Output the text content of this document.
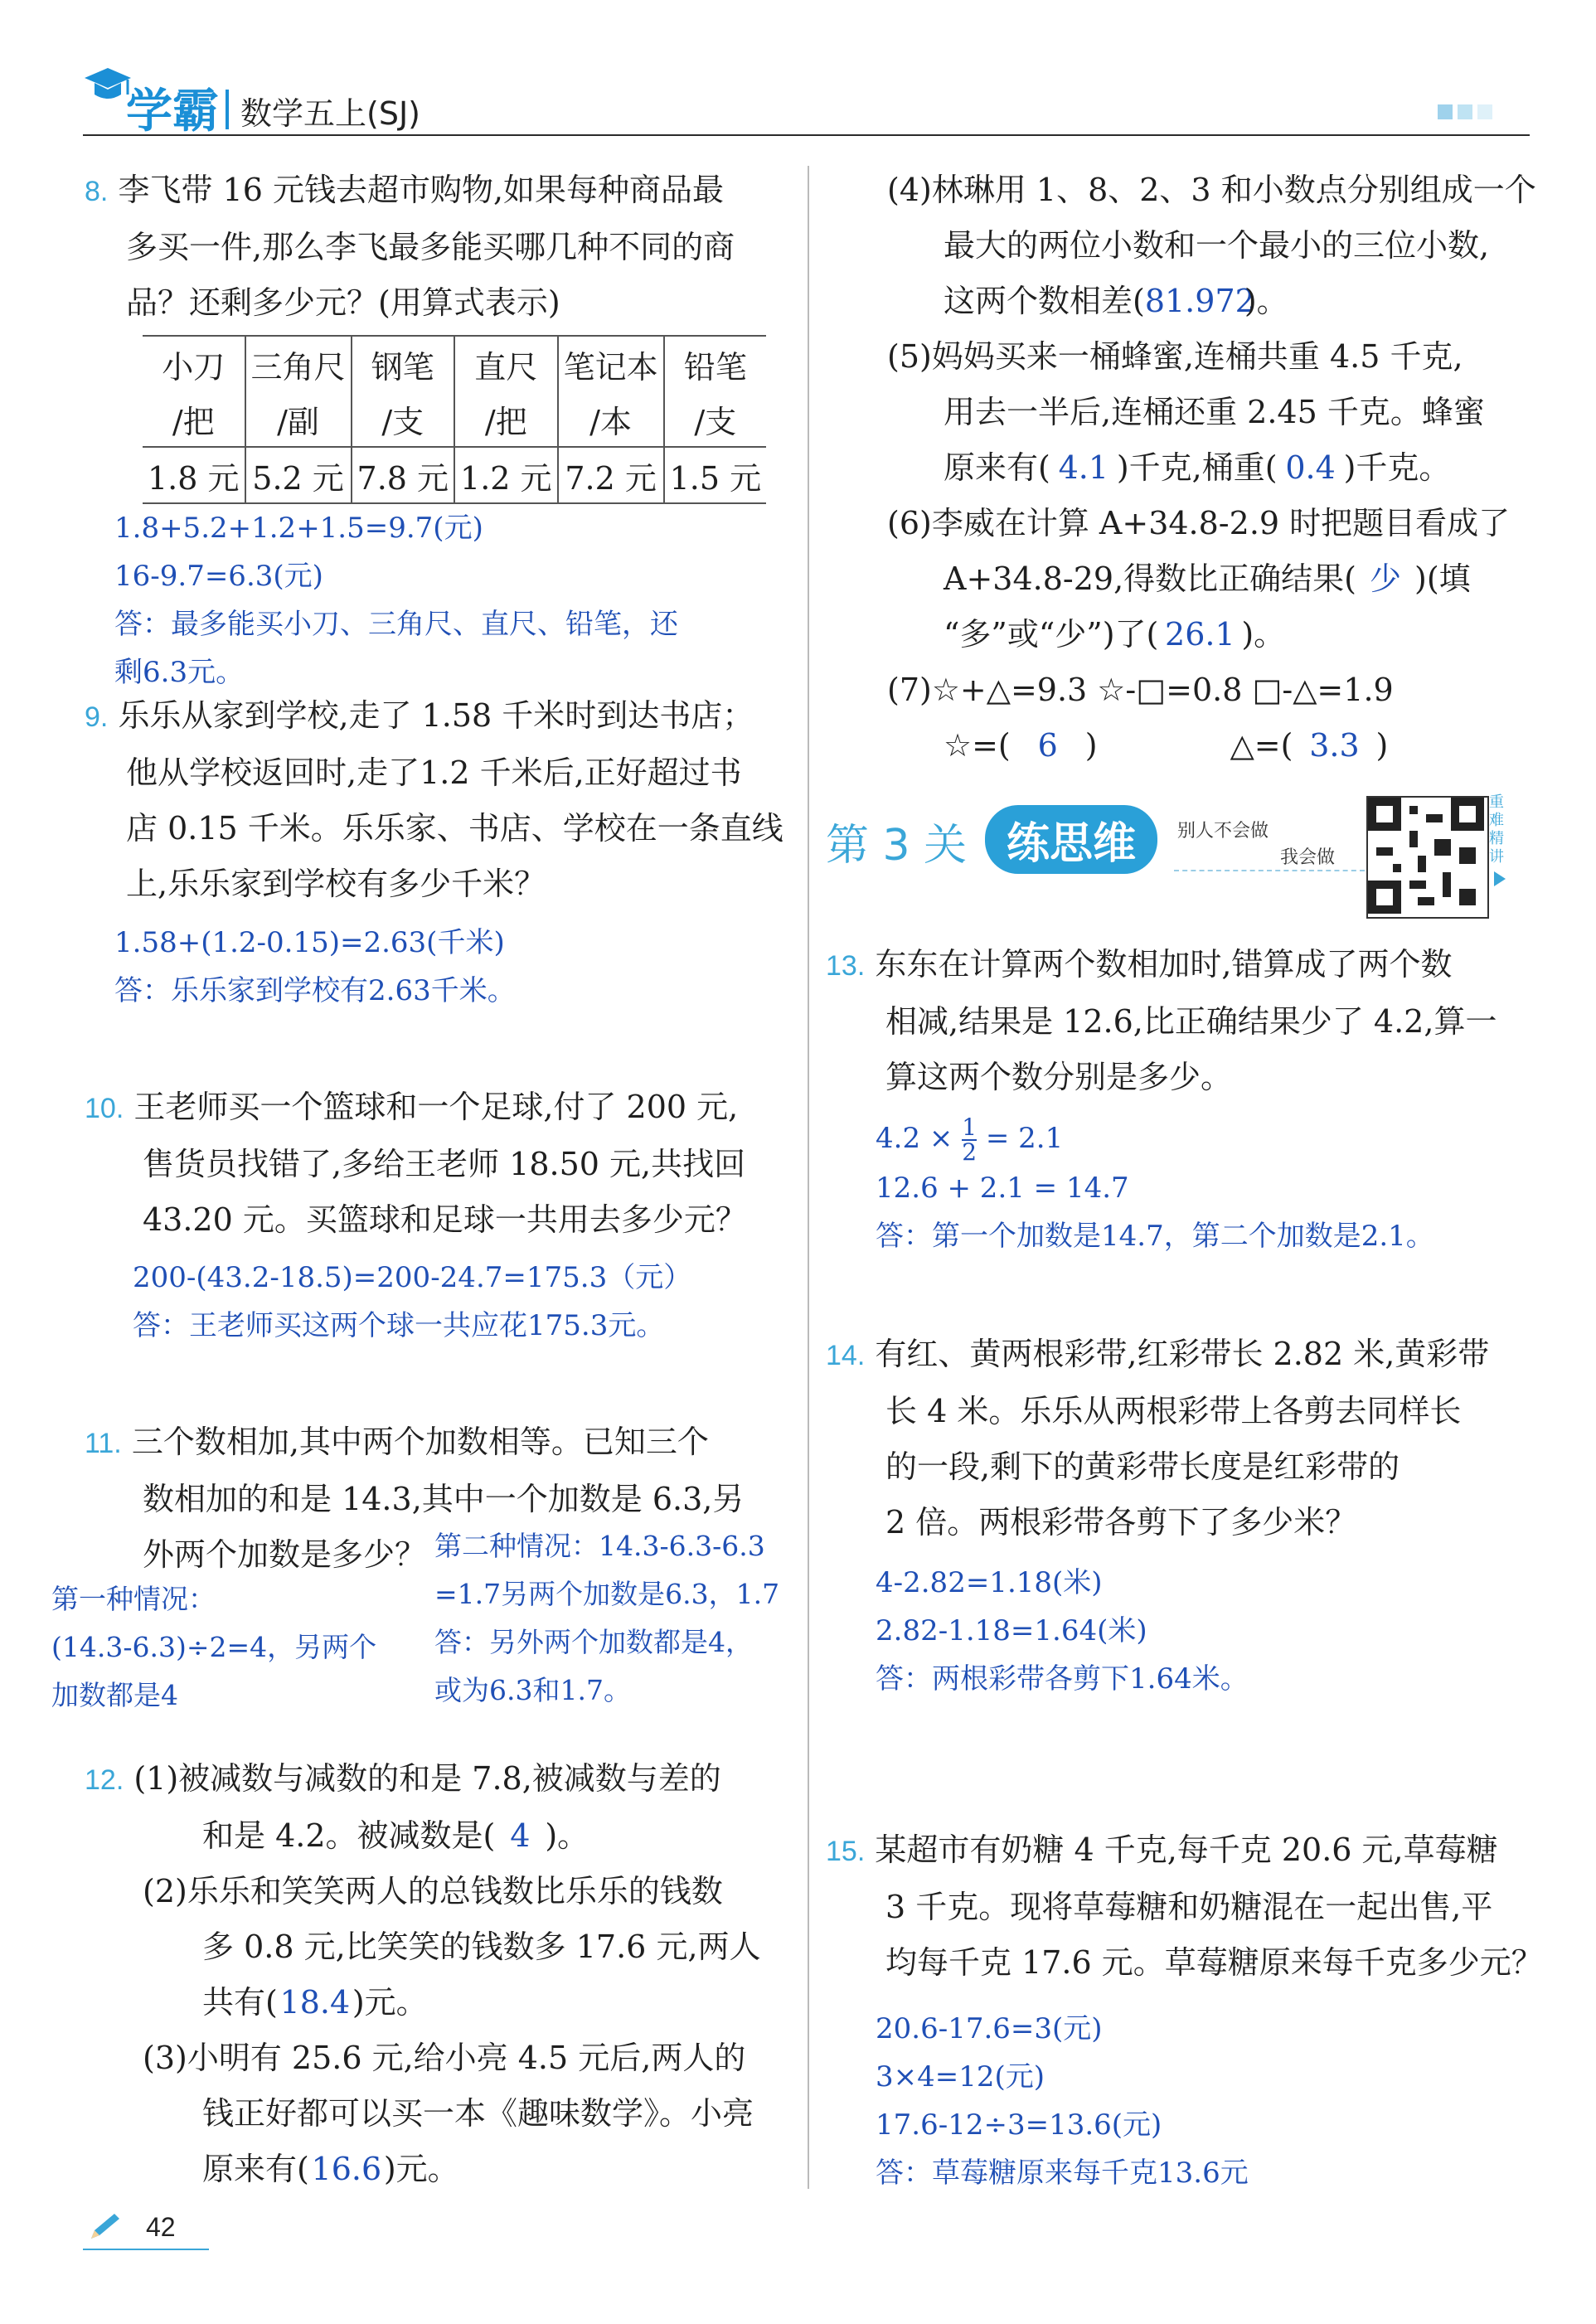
学霸 数学五上(SJ)
8. 李飞带 16 元钱去超市购物,如果每种商品最
多买一件,那么李飞最多能买哪几种不同的商
品？还剩多少元？(用算式表示)
小刀	三角尺	钢笔	直尺	笔记本	铅笔
/把	/副	/支	/把	/本	/支
1.8 元	5.2 元	7.8 元	1.2 元	7.2 元	1.5 元
1.8+5.2+1.2+1.5=9.7(元)
16-9.7=6.3(元)
答：最多能买小刀、三角尺、直尺、铅笔，还
剩6.3元。
9. 乐乐从家到学校,走了 1.58 千米时到达书店；
他从学校返回时,走了1.2 千米后,正好超过书
店 0.15 千米。乐乐家、书店、学校在一条直线
上,乐乐家到学校有多少千米？
1.58+(1.2-0.15)=2.63(千米)
答：乐乐家到学校有2.63千米。
10. 王老师买一个篮球和一个足球,付了 200 元,
售货员找错了,多给王老师 18.50 元,共找回
43.20 元。买篮球和足球一共用去多少元？
200-(43.2-18.5)=200-24.7=175.3（元）
答：王老师买这两个球一共应花175.3元。
11. 三个数相加,其中两个加数相等。已知三个
数相加的和是 14.3,其中一个加数是 6.3,另
外两个加数是多少？
第一种情况：
(14.3-6.3)÷2=4，另两个
加数都是4
第二种情况：14.3-6.3-6.3
=1.7另两个加数是6.3，1.7
答：另外两个加数都是4，
或为6.3和1.7。
12. (1)被减数与减数的和是 7.8,被减数与差的
和是 4.2。被减数是( 4 )。
(2)乐乐和笑笑两人的总钱数比乐乐的钱数
多 0.8 元,比笑笑的钱数多 17.6 元,两人
共有(18.4)元。
(3)小明有 25.6 元,给小亮 4.5 元后,两人的
钱正好都可以买一本《趣味数学》。小亮
原来有(16.6)元。
(4)林琳用 1、8、2、3 和小数点分别组成一个
最大的两位小数和一个最小的三位小数,
这两个数相差(81.972)。
(5)妈妈买来一桶蜂蜜,连桶共重 4.5 千克,
用去一半后,连桶还重 2.45 千克。蜂蜜
原来有( 4.1 )千克,桶重( 0.4 )千克。
(6)李威在计算 A+34.8-2.9 时把题目看成了
A+34.8-29,得数比正确结果( 少 )(填
“多”或“少”)了( 26.1 )。
(7)☆+△=9.3 ☆-□=0.8 □-△=1.9
☆=( 6 )	△=( 3.3 )
第 3 关 练思维	别人不会做
我会做
重难精讲
13. 东东在计算两个数相加时,错算成了两个数
相减,结果是 12.6,比正确结果少了 4.2,算一
算这两个数分别是多少。
$4.2 \times \frac{1}{2} = 2.1$
12.6 + 2.1 = 14.7
答：第一个加数是14.7，第二个加数是2.1。
14. 有红、黄两根彩带,红彩带长 2.82 米,黄彩带
长 4 米。乐乐从两根彩带上各剪去同样长
的一段,剩下的黄彩带长度是红彩带的
2 倍。两根彩带各剪下了多少米？
4-2.82=1.18(米)
2.82-1.18=1.64(米)
答：两根彩带各剪下1.64米。
15. 某超市有奶糖 4 千克,每千克 20.6 元,草莓糖
3 千克。现将草莓糖和奶糖混在一起出售,平
均每千克 17.6 元。草莓糖原来每千克多少元？
20.6-17.6=3(元)
3×4=12(元)
17.6-12÷3=13.6(元)
答：草莓糖原来每千克13.6元
42
